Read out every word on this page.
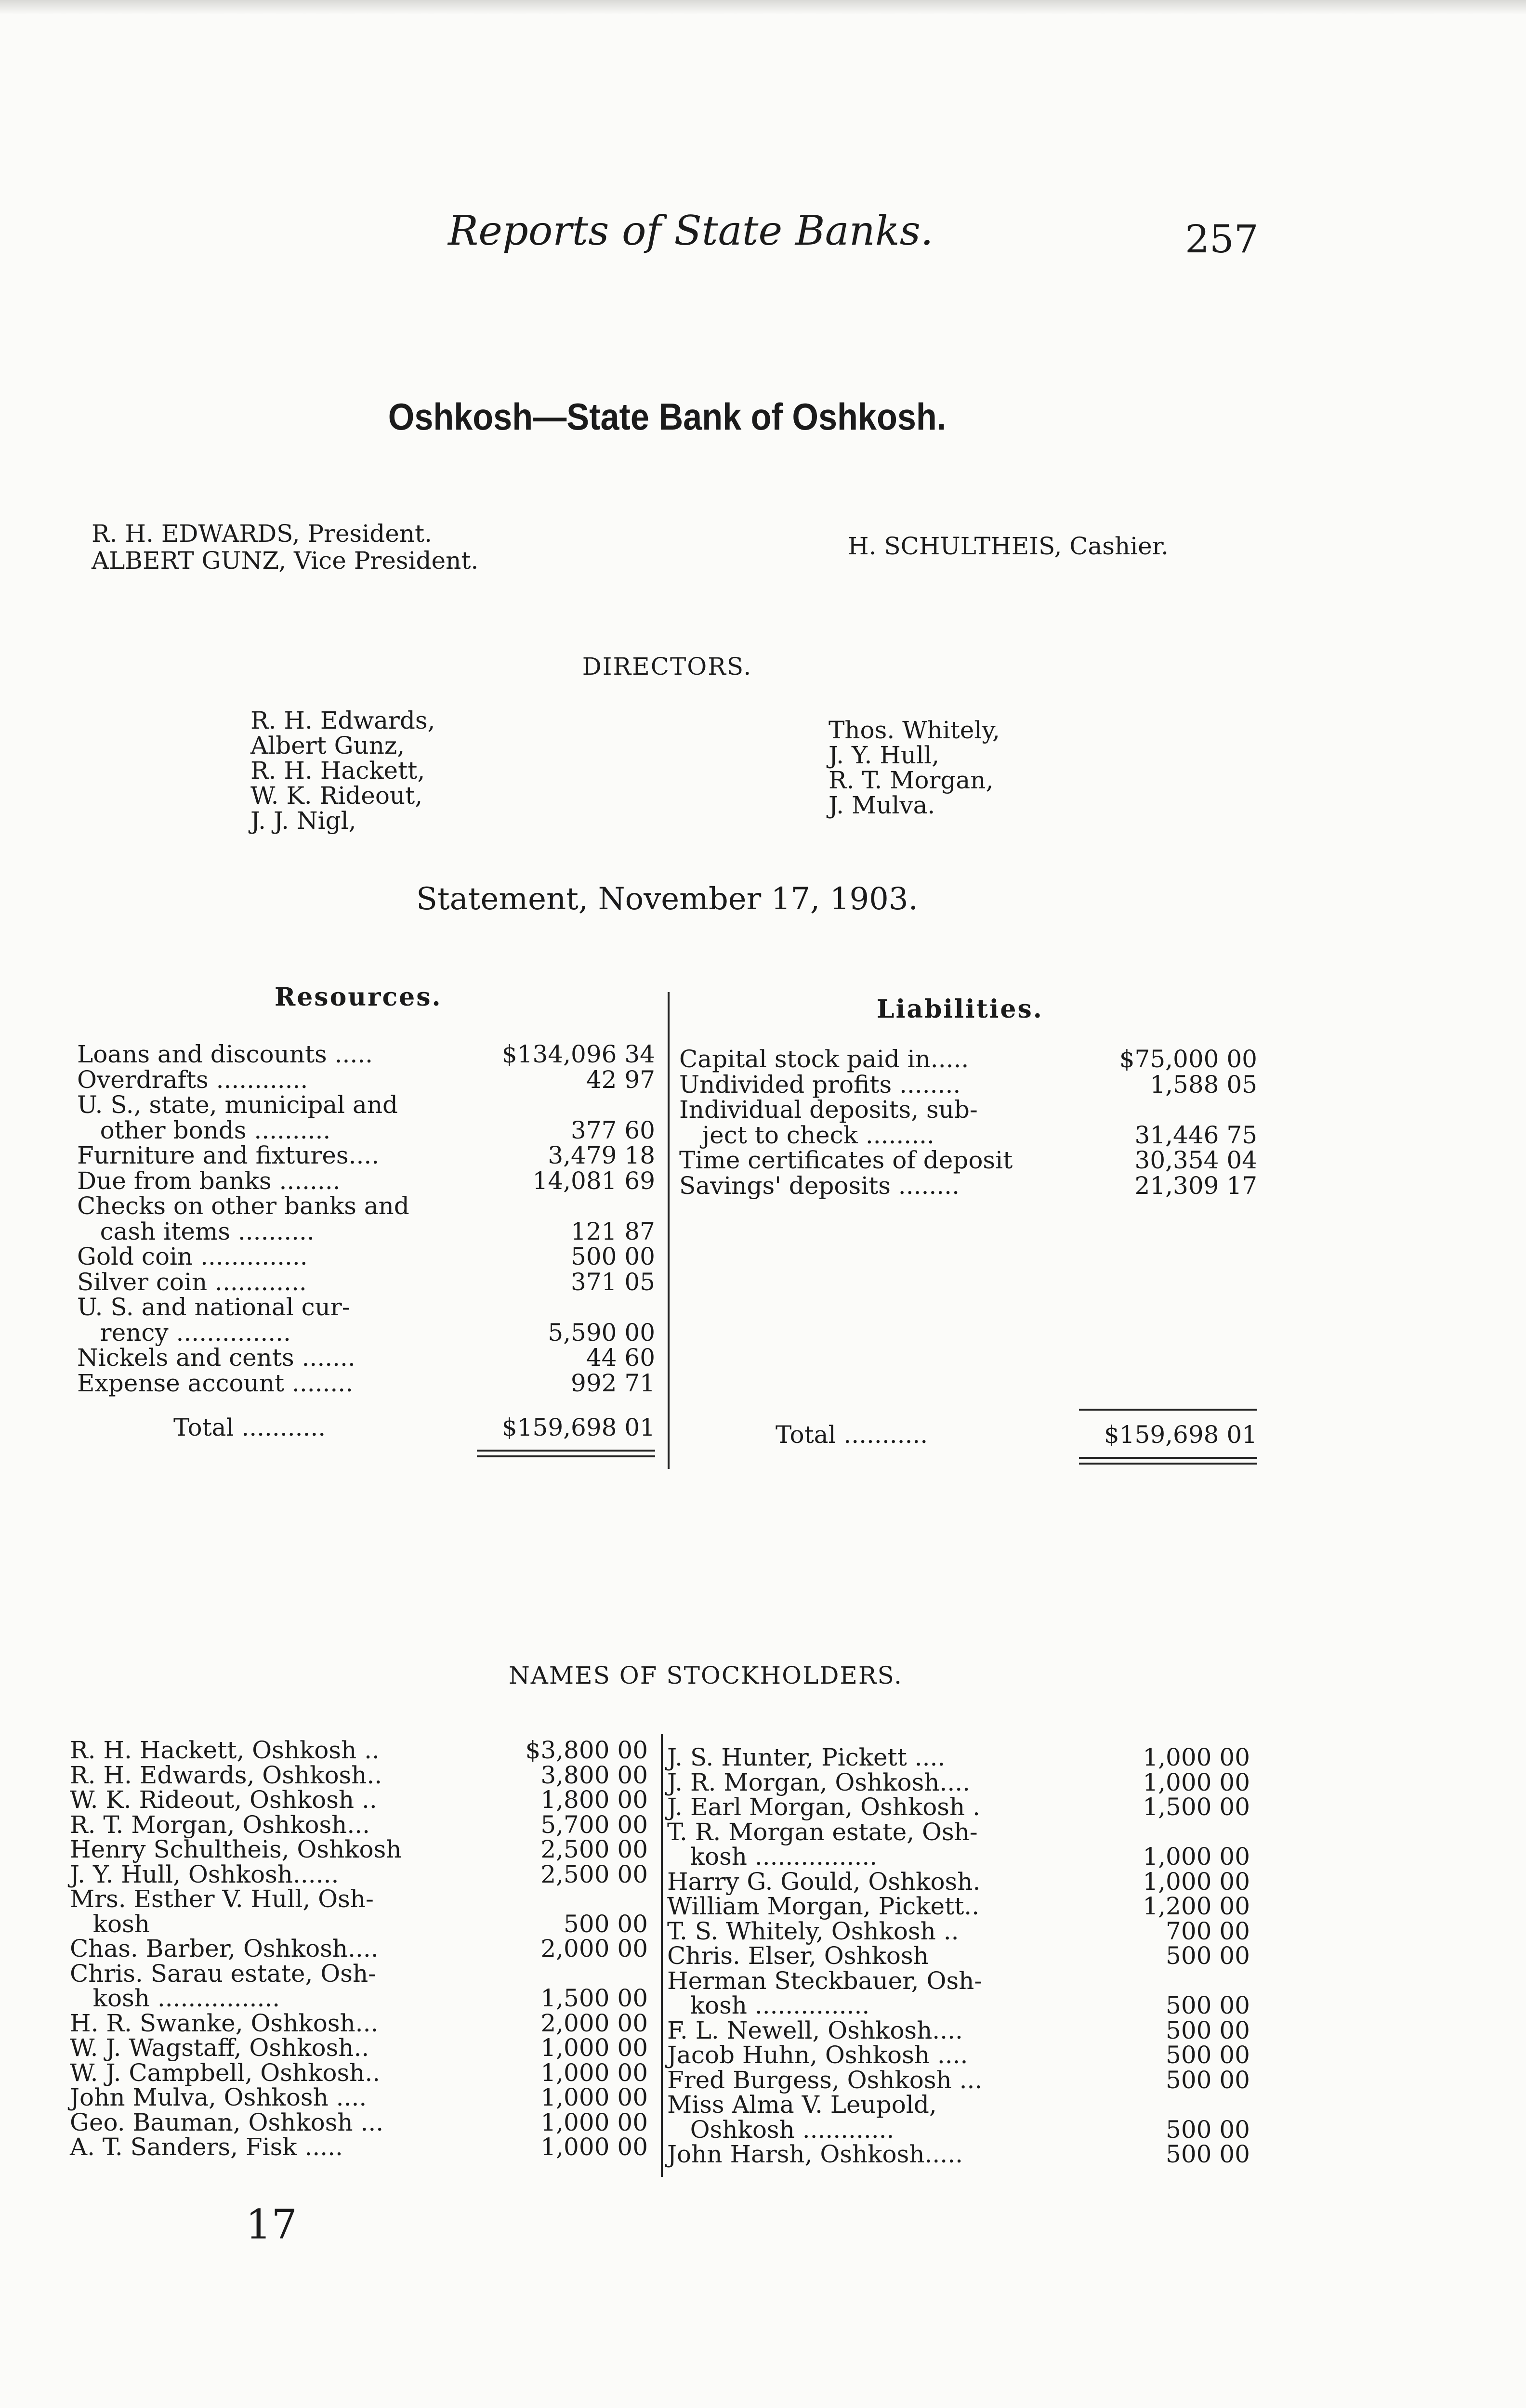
Reports of State Banks.	257
Oshkosh—State Bank of Oshkosh.
R. H. EDWARDS, President.
ALBERT GUNZ, Vice President.
H. SCHULTHEIS, Cashier.
DIRECTORS.
R. H. Edwards,
Albert Gunz,
R. H. Hackett,
W. K. Rideout,
J. J. Nigl,
Thos. Whitely,
J. Y. Hull,
R. T. Morgan,
J. Mulva.
Statement, November 17, 1903.
Resources.	Liabilities.
Loans and discounts .....	$134,096 34
Overdrafts ............	42 97
U. S., state, municipal and
other bonds ..........	377 60
Furniture and fixtures....	3,479 18
Due from banks ........	14,081 69
Checks on other banks and
cash items ..........	121 87
Gold coin ..............	500 00
Silver coin ............	371 05
U. S. and national cur-
rency ...............	5,590 00
Nickels and cents .......	44 60
Expense account ........	992 71
Capital stock paid in.....	$75,000 00
Undivided profits ........	1,588 05
Individual deposits, sub-
ject to check .........	31,446 75
Time certificates of deposit	30,354 04
Savings' deposits ........	21,309 17
Total ...........	$159,698 01	Total ...........	$159,698 01
NAMES OF STOCKHOLDERS.
R. H. Hackett, Oshkosh ..	$3,800 00
R. H. Edwards, Oshkosh..	3,800 00
W. K. Rideout, Oshkosh ..	1,800 00
R. T. Morgan, Oshkosh...	5,700 00
Henry Schultheis, Oshkosh	2,500 00
J. Y. Hull, Oshkosh......	2,500 00
Mrs. Esther V. Hull, Osh-
kosh	500 00
Chas. Barber, Oshkosh....	2,000 00
Chris. Sarau estate, Osh-
kosh ................	1,500 00
H. R. Swanke, Oshkosh...	2,000 00
W. J. Wagstaff, Oshkosh..	1,000 00
W. J. Campbell, Oshkosh..	1,000 00
John Mulva, Oshkosh ....	1,000 00
Geo. Bauman, Oshkosh ...	1,000 00
A. T. Sanders, Fisk .....	1,000 00
J. S. Hunter, Pickett ....	1,000 00
J. R. Morgan, Oshkosh....	1,000 00
J. Earl Morgan, Oshkosh .	1,500 00
T. R. Morgan estate, Osh-
kosh ................	1,000 00
Harry G. Gould, Oshkosh.	1,000 00
William Morgan, Pickett..	1,200 00
T. S. Whitely, Oshkosh ..	700 00
Chris. Elser, Oshkosh	500 00
Herman Steckbauer, Osh-
kosh ...............	500 00
F. L. Newell, Oshkosh....	500 00
Jacob Huhn, Oshkosh ....	500 00
Fred Burgess, Oshkosh ...	500 00
Miss Alma V. Leupold,
Oshkosh ............	500 00
John Harsh, Oshkosh.....	500 00
17
